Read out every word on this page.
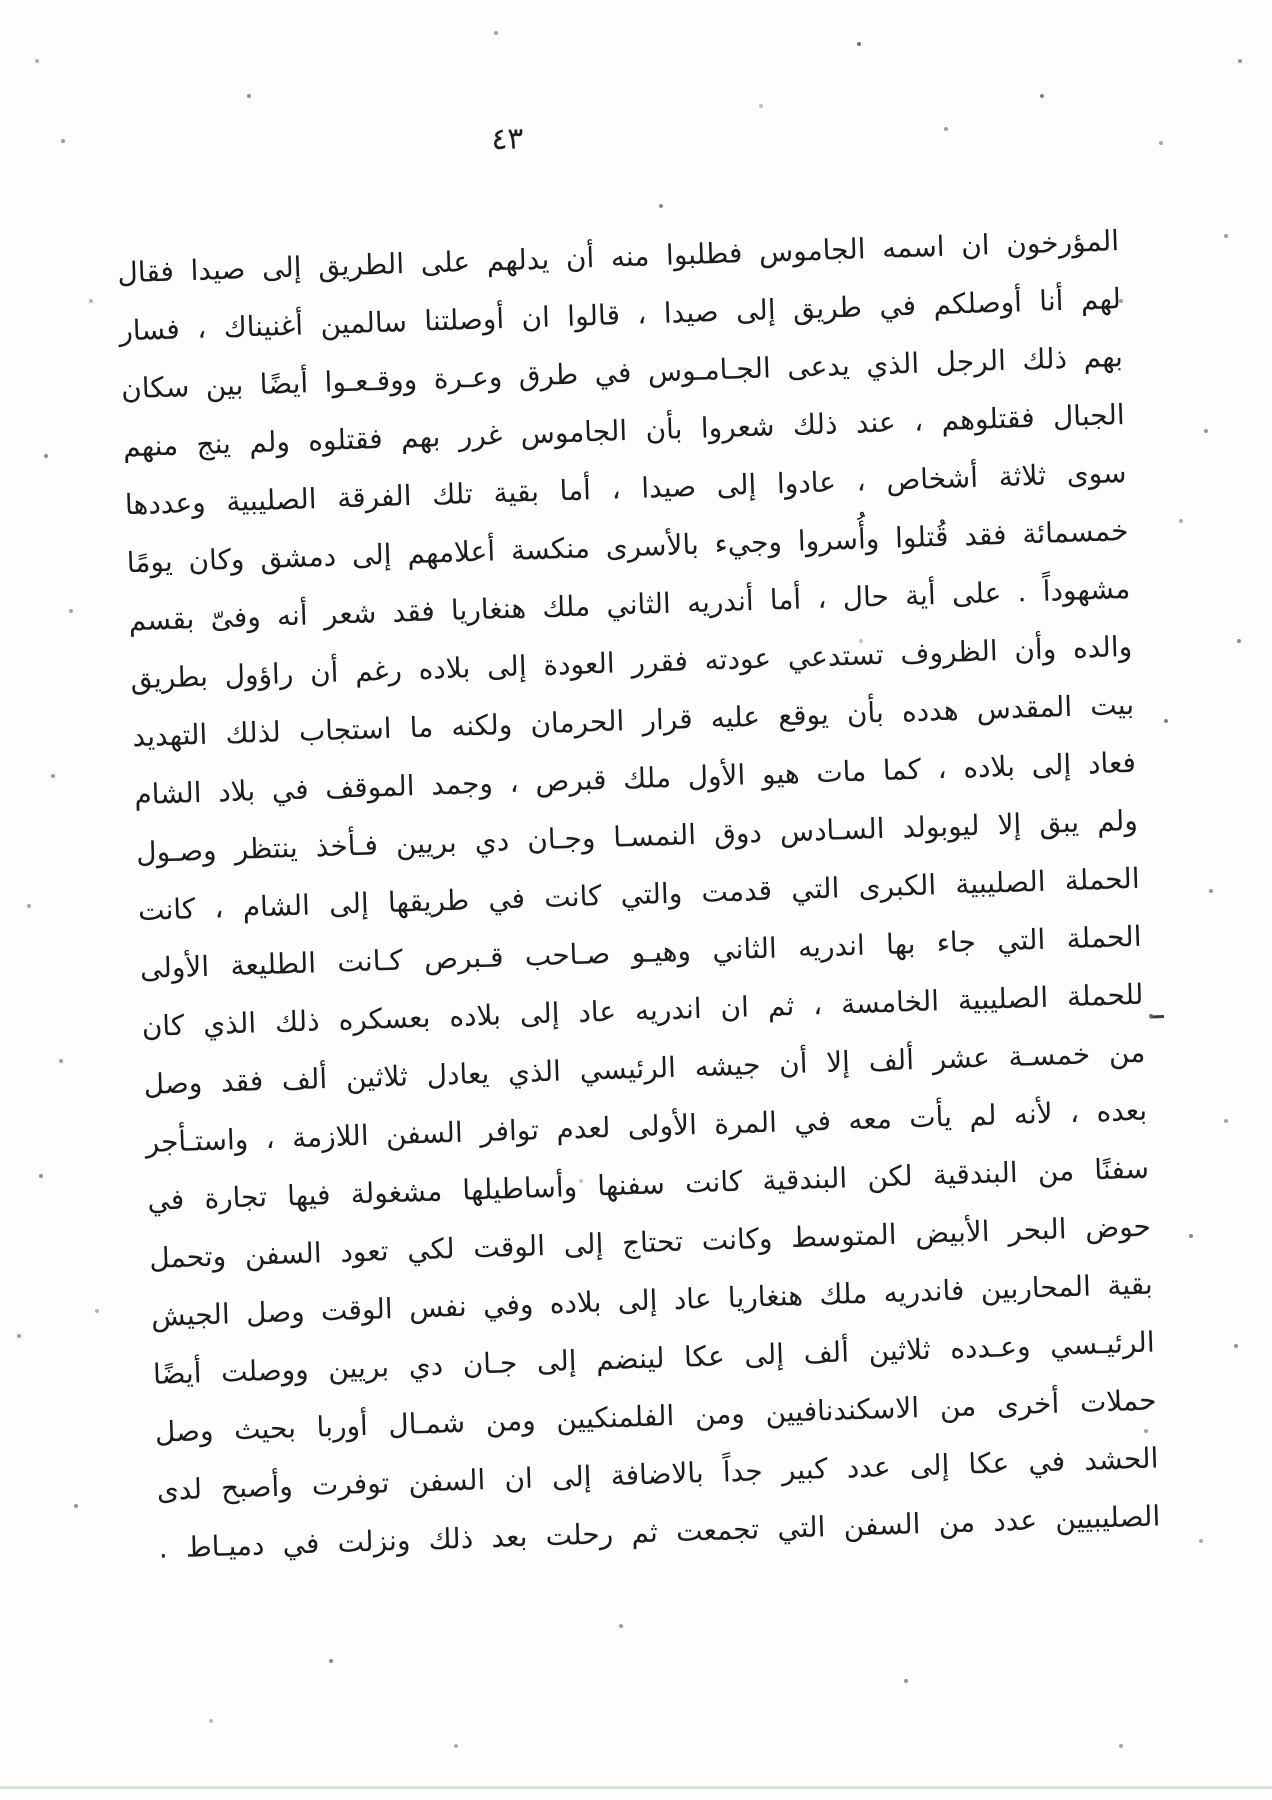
٤٣
المؤرخون ان اسمه الجاموس فطلبوا منه أن يدلهم على الطريق إلى صيدا فقال
لهم أنا أوصلكم في طريق إلى صيدا ، قالوا ان أوصلتنا سالمين أغنيناك ، فسار
بهم ذلك الرجل الذي يدعى الجـامـوس في طرق وعـرة ووقـعـوا أيضًا بين سكان
الجبال فقتلوهم ، عند ذلك شعروا بأن الجاموس غرر بهم فقتلوه ولم ينج منهم
سوى ثلاثة أشخاص ، عادوا إلى صيدا ، أما بقية تلك الفرقة الصليبية وعددها
خمسمائة فقد قُتلوا وأُسروا وجيء بالأسرى منكسة أعلامهم إلى دمشق وكان يومًا
مشهوداً . على أية حال ، أما أندريه الثاني ملك هنغاريا فقد شعر أنه وفىّ بقسم
والده وأن الظروف تستدعي عودته فقرر العودة إلى بلاده رغم أن راؤول بطريق
بيت المقدس هدده بأن يوقع عليه قرار الحرمان ولكنه ما استجاب لذلك التهديد
فعاد إلى بلاده ، كما مات هيو الأول ملك قبرص ، وجمد الموقف في بلاد الشام
ولم يبق إلا ليوبولد السـادس دوق النمسـا وجـان دي بريين فـأخذ ينتظر وصـول
الحملة الصليبية الكبرى التي قدمت والتي كانت في طريقها إلى الشام ، كانت
الحملة التي جاء بها اندريه الثاني وهيـو صـاحب قـبرص كـانت الطليعة الأولى
للحملة الصليبية الخامسة ، ثم ان اندريه عاد إلى بلاده بعسكره ذلك الذي كان
من خمسـة عشر ألف إلا أن جيشه الرئيسي الذي يعادل ثلاثين ألف فقد وصل
بعده ، لأنه لم يأت معه في المرة الأولى لعدم توافر السفن اللازمة ، واستـأجر
سفنًا من البندقية لكن البندقية كانت سفنها وأساطيلها مشغولة فيها تجارة في
حوض البحر الأبيض المتوسط وكانت تحتاج إلى الوقت لكي تعود السفن وتحمل
بقية المحاربين فاندريه ملك هنغاريا عاد إلى بلاده وفي نفس الوقت وصل الجيش
الرئيـسي وعـدده ثلاثين ألف إلى عكا لينضم إلى جـان دي بريين ووصلت أيضًا
حملات أخرى من الاسكندنافيين ومن الفلمنكيين ومن شمـال أوربا بحيث وصل
الحشد في عكا إلى عدد كبير جداً بالاضافة إلى ان السفن توفرت وأصبح لدى
الصليبيين عدد من السفن التي تجمعت ثم رحلت بعد ذلك ونزلت في دميـاط .
